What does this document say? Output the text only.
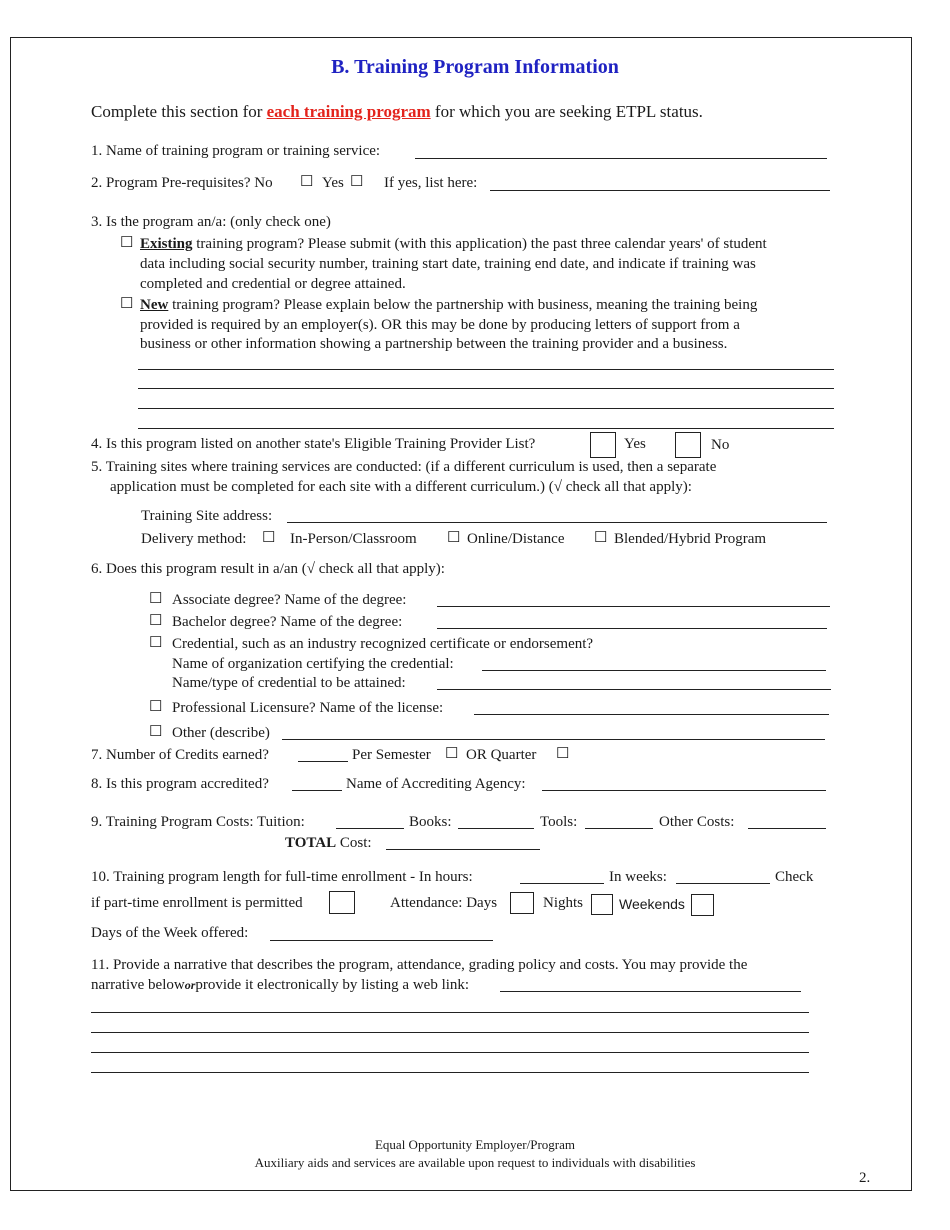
B. Training Program Information
Complete this section for each training program for which you are seeking ETPL status.
1. Name of training program or training service:
2. Program Pre-requisites? No ☐ Yes ☐ If yes, list here:
3. Is the program an/a: (only check one)
☐ Existing training program? Please submit (with this application) the past three calendar years' of student
data including social security number, training start date, training end date, and indicate if training was
completed and credential or degree attained.
☐ New training program? Please explain below the partnership with business, meaning the training being
provided is required by an employer(s). OR this may be done by producing letters of support from a
business or other information showing a partnership between the training provider and a business.
4. Is this program listed on another state's Eligible Training Provider List?	Yes	No
5. Training sites where training services are conducted: (if a different curriculum is used, then a separate
application must be completed for each site with a different curriculum.) (√ check all that apply):
Training Site address:
Delivery method: ☐ In-Person/Classroom ☐ Online/Distance ☐ Blended/Hybrid Program
6. Does this program result in a/an (√ check all that apply):
☐ Associate degree? Name of the degree:
☐ Bachelor degree? Name of the degree:
☐ Credential, such as an industry recognized certificate or endorsement?
Name of organization certifying the credential:
Name/type of credential to be attained:
☐ Professional Licensure? Name of the license:
☐ Other (describe)
7. Number of Credits earned?	Per Semester ☐ OR Quarter ☐
8. Is this program accredited?	Name of Accrediting Agency:
9. Training Program Costs: Tuition:	Books:	Tools:	Other Costs:
TOTAL Cost:
10. Training program length for full-time enrollment - In hours:	In weeks:	Check
if part-time enrollment is permitted	Attendance: Days	Nights	Weekends
Days of the Week offered:
11. Provide a narrative that describes the program, attendance, grading policy and costs. You may provide the
narrative beloworprovide it electronically by listing a web link:
Equal Opportunity Employer/Program
Auxiliary aids and services are available upon request to individuals with disabilities
2.
